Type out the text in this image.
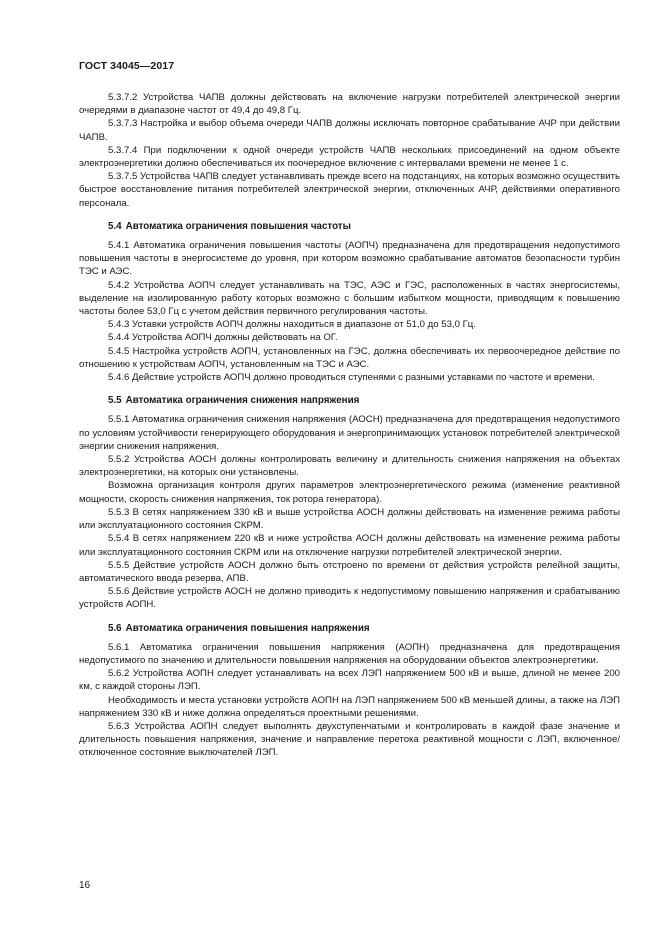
ГОСТ 34045—2017

5.3.7.2 Устройства ЧАПВ должны действовать на включение нагрузки потребителей электрической энергии очередями в диапазоне частот от 49,4 до 49,8 Гц.

5.3.7.3 Настройка и выбор объема очереди ЧАПВ должны исключать повторное срабатывание АЧР при действии ЧАПВ.

5.3.7.4 При подключении к одной очереди устройств ЧАПВ нескольких присоединений на одном объекте электроэнергетики должно обеспечиваться их поочередное включение с интервалами времени не менее 1 с.

5.3.7.5 Устройства ЧАПВ следует устанавливать прежде всего на подстанциях, на которых возможно осуществить быстрое восстановление питания потребителей электрической энергии, отключенных АЧР, действиями оперативного персонала.

5.4 Автоматика ограничения повышения частоты

5.4.1 Автоматика ограничения повышения частоты (АОПЧ) предназначена для предотвращения недопустимого повышения частоты в энергосистеме до уровня, при котором возможно срабатывание автоматов безопасности турбин ТЭС и АЭС.

5.4.2 Устройства АОПЧ следует устанавливать на ТЭС, АЭС и ГЭС, расположенных в частях энергосистемы, выделение на изолированную работу которых возможно с большим избытком мощности, приводящим к повышению частоты более 53,0 Гц с учетом действия первичного регулирования частоты.

5.4.3 Уставки устройств АОПЧ должны находиться в диапазоне от 51,0 до 53,0 Гц.

5.4.4 Устройства АОПЧ должны действовать на ОГ.

5.4.5 Настройка устройств АОПЧ, установленных на ГЭС, должна обеспечивать их первоочередное действие по отношению к устройствам АОПЧ, установленным на ТЭС и АЭС.

5.4.6 Действие устройств АОПЧ должно проводиться ступенями с разными уставками по частоте и времени.

5.5 Автоматика ограничения снижения напряжения

5.5.1 Автоматика ограничения снижения напряжения (АОСН) предназначена для предотвращения недопустимого по условиям устойчивости генерирующего оборудования и энергопринимающих установок потребителей электрической энергии снижения напряжения.

5.5.2 Устройства АОСН должны контролировать величину и длительность снижения напряжения на объектах электроэнергетики, на которых они установлены.

Возможна организация контроля других параметров электроэнергетического режима (изменение реактивной мощности, скорость снижения напряжения, ток ротора генератора).

5.5.3 В сетях напряжением 330 кВ и выше устройства АОСН должны действовать на изменение режима работы или эксплуатационного состояния СКРМ.

5.5.4 В сетях напряжением 220 кВ и ниже устройства АОСН должны действовать на изменение режима работы или эксплуатационного состояния СКРМ или на отключение нагрузки потребителей электрической энергии.

5.5.5 Действие устройств АОСН должно быть отстроено по времени от действия устройств релейной защиты, автоматического ввода резерва, АПВ.

5.5.6 Действие устройств АОСН не должно приводить к недопустимому повышению напряжения и срабатыванию устройств АОПН.

5.6 Автоматика ограничения повышения напряжения

5.6.1 Автоматика ограничения повышения напряжения (АОПН) предназначена для предотвращения недопустимого по значению и длительности повышения напряжения на оборудовании объектов электроэнергетики.

5.6.2 Устройства АОПН следует устанавливать на всех ЛЭП напряжением 500 кВ и выше, длиной не менее 200 км, с каждой стороны ЛЭП.

Необходимость и места установки устройств АОПН на ЛЭП напряжением 500 кВ меньшей длины, а также на ЛЭП напряжением 330 кВ и ниже должна определяться проектными решениями.

5.6.3 Устройства АОПН следует выполнять двухступенчатыми и контролировать в каждой фазе значение и длительность повышения напряжения, значение и направление перетока реактивной мощности с ЛЭП, включенное/отключенное состояние выключателей ЛЭП.

16
